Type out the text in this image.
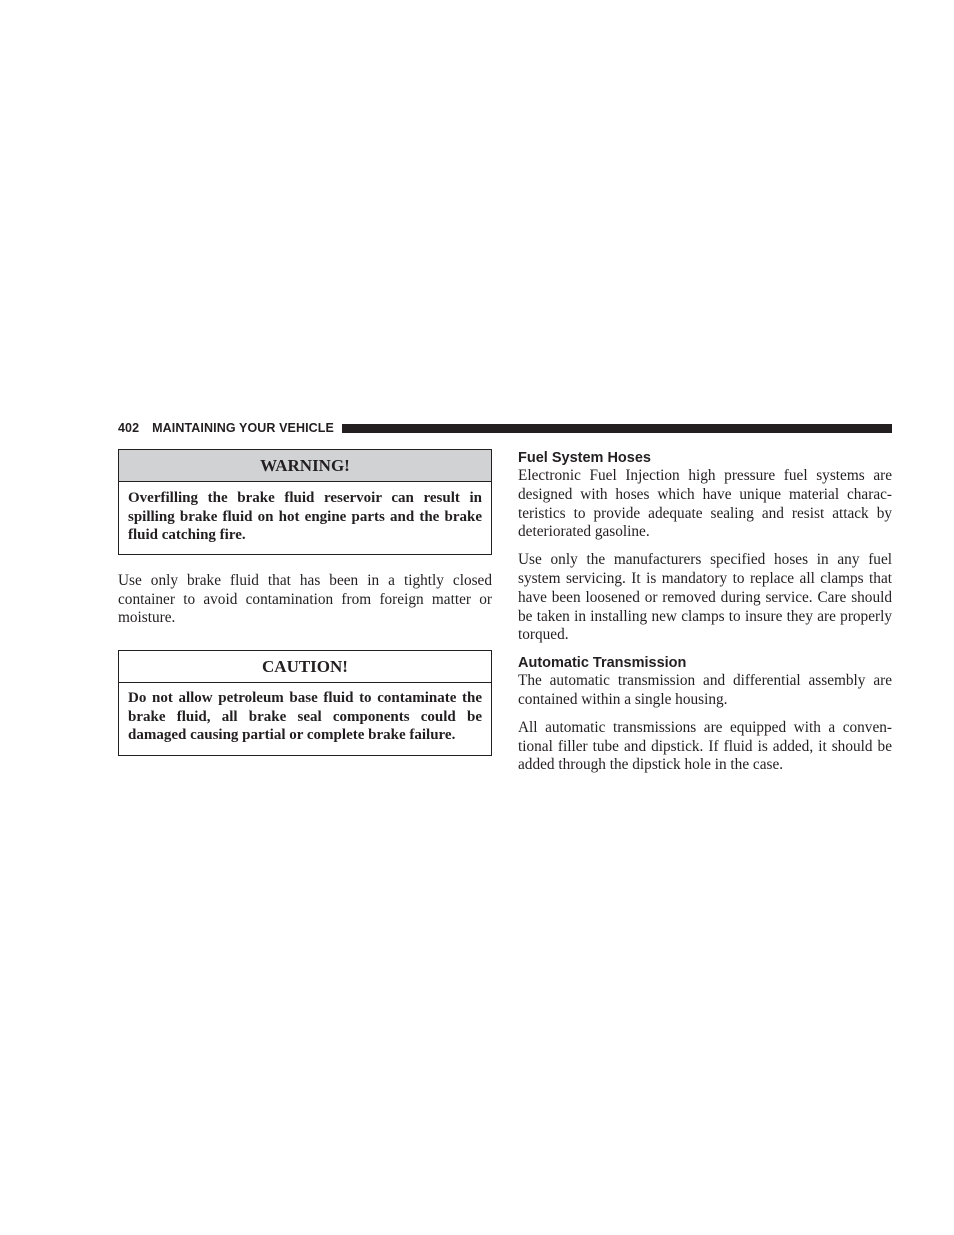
402 MAINTAINING YOUR VEHICLE
WARNING!
Overfilling the brake fluid reservoir can result in spilling brake fluid on hot engine parts and the brake fluid catching fire.

Use only brake fluid that has been in a tightly closed container to avoid contamination from foreign matter or moisture.

CAUTION!
Do not allow petroleum base fluid to contaminate the brake fluid, all brake seal components could be damaged causing partial or complete brake failure.
Fuel System Hoses

Electronic Fuel Injection high pressure fuel systems are designed with hoses which have unique material charac-teristics to provide adequate sealing and resist attack by deteriorated gasoline.

Use only the manufacturers specified hoses in any fuel system servicing. It is mandatory to replace all clamps that have been loosened or removed during service. Care should be taken in installing new clamps to insure they are properly torqued.

Automatic Transmission

The automatic transmission and differential assembly are contained within a single housing.

All automatic transmissions are equipped with a conven-tional filler tube and dipstick. If fluid is added, it should be added through the dipstick hole in the case.
